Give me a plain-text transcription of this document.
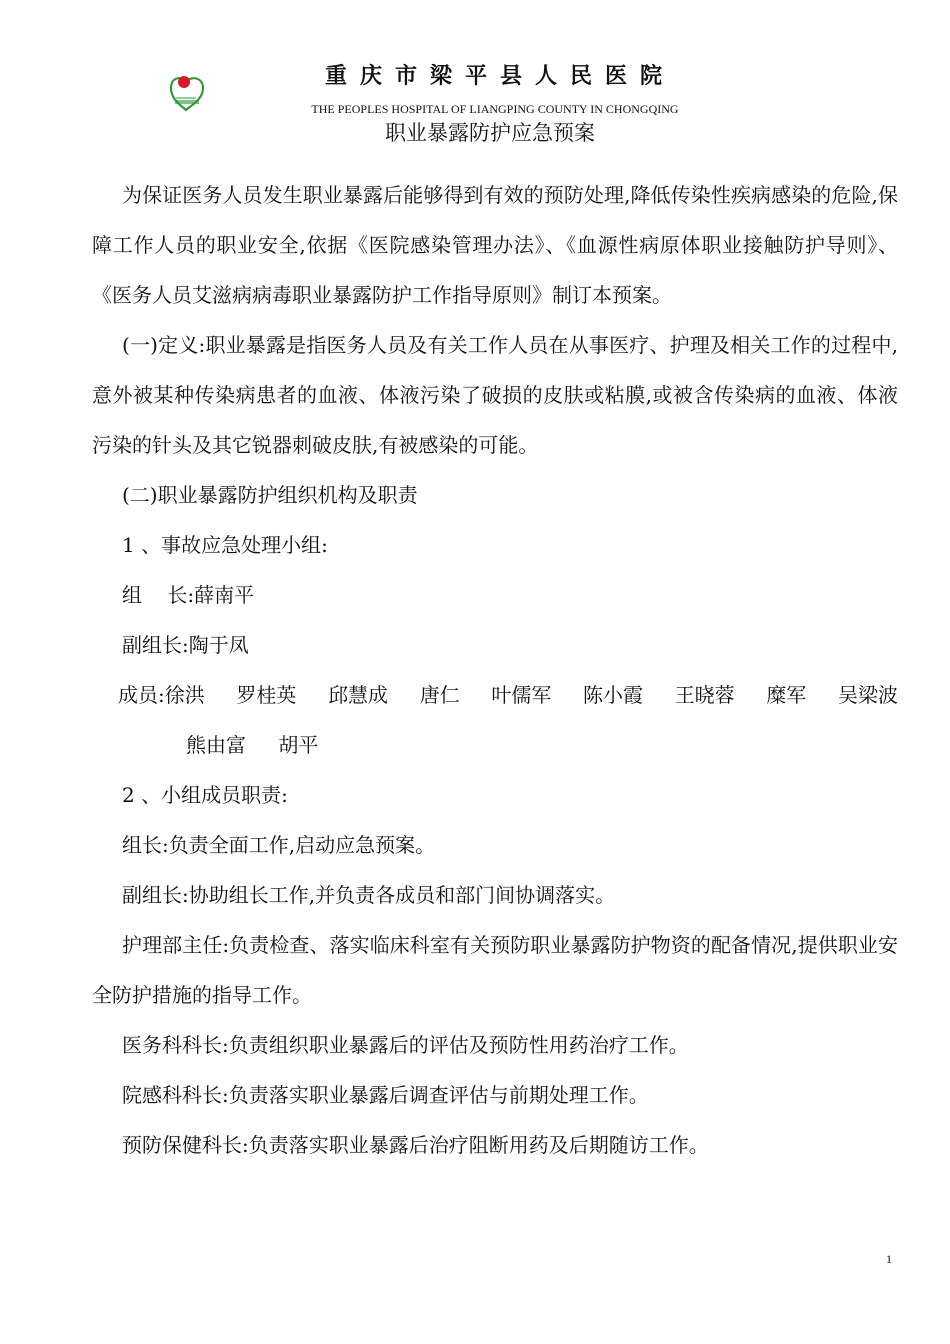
重庆市梁平县人民医院
THE PEOPLES HOSPITAL OF LIANGPING COUNTY IN CHONGQING
职业暴露防护应急预案

为保证医务人员发生职业暴露后能够得到有效的预防处理,降低传染性疾病感染的危险,保障工作人员的职业安全,依据《医院感染管理办法》、《血源性病原体职业接触防护导则》、《医务人员艾滋病病毒职业暴露防护工作指导原则》制订本预案。

(一)定义:职业暴露是指医务人员及有关工作人员在从事医疗、护理及相关工作的过程中,意外被某种传染病患者的血液、体液污染了破损的皮肤或粘膜,或被含传染病的血液、体液污染的针头及其它锐器刺破皮肤,有被感染的可能。

(二)职业暴露防护组织机构及职责

1 、事故应急处理小组:

组    长:薛南平

副组长:陶于凤

成员: 徐洪 罗桂英 邱慧成 唐仁 叶儒军 陈小霞 王晓蓉 糜军 吴梁波
熊由富 胡平

2 、小组成员职责:

组长:负责全面工作,启动应急预案。

副组长:协助组长工作,并负责各成员和部门间协调落实。

护理部主任:负责检查、落实临床科室有关预防职业暴露防护物资的配备情况,提供职业安全防护措施的指导工作。

医务科科长:负责组织职业暴露后的评估及预防性用药治疗工作。

院感科科长:负责落实职业暴露后调查评估与前期处理工作。

预防保健科长:负责落实职业暴露后治疗阻断用药及后期随访工作。

1
